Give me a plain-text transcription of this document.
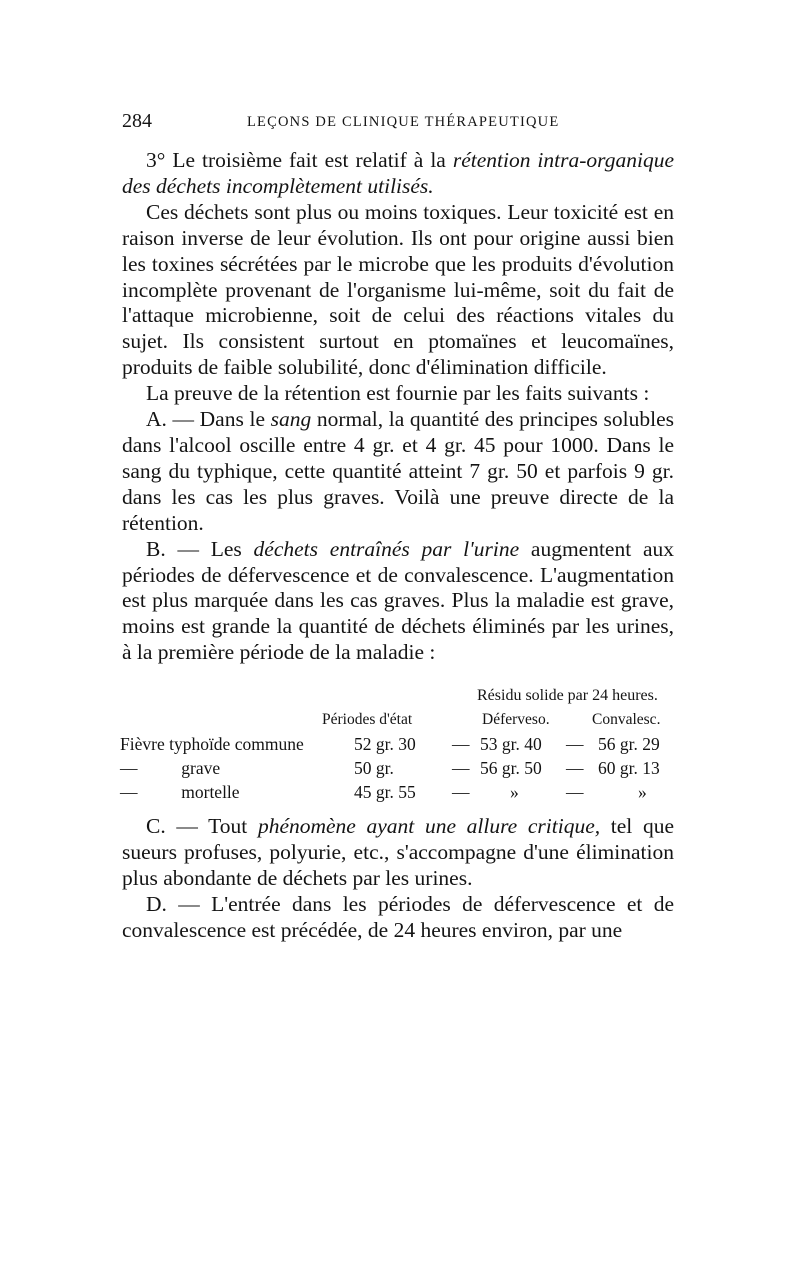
284	LEÇONS DE CLINIQUE THÉRAPEUTIQUE

3° Le troisième fait est relatif à la rétention intra-organique des déchets incomplètement utilisés.

Ces déchets sont plus ou moins toxiques. Leur toxicité est en raison inverse de leur évolution. Ils ont pour origine aussi bien les toxines sécrétées par le microbe que les produits d'évolution incomplète provenant de l'organisme lui-même, soit du fait de l'attaque microbienne, soit de celui des réactions vitales du sujet. Ils consistent surtout en ptomaïnes et leucomaïnes, produits de faible solubilité, donc d'élimination difficile.

La preuve de la rétention est fournie par les faits suivants :

A. — Dans le sang normal, la quantité des principes solubles dans l'alcool oscille entre 4 gr. et 4 gr. 45 pour 1000. Dans le sang du typhique, cette quantité atteint 7 gr. 50 et parfois 9 gr. dans les cas les plus graves. Voilà une preuve directe de la rétention.

B. — Les déchets entraînés par l'urine augmentent aux périodes de défervescence et de convalescence. L'augmentation est plus marquée dans les cas graves. Plus la maladie est grave, moins est grande la quantité de déchets éliminés par les urines, à la première période de la maladie :

Résidu solide par 24 heures.
Périodes d'état	Déferveso.	Convalesc.
Fièvre typhoïde commune	52 gr. 30 — 53 gr. 40 — 56 gr. 29
—          grave	50 gr.	— 56 gr. 50 — 60 gr. 13
—          mortelle	45 gr. 55 —	»	—	»

C. — Tout phénomène ayant une allure critique, tel que sueurs profuses, polyurie, etc., s'accompagne d'une élimination plus abondante de déchets par les urines.

D. — L'entrée dans les périodes de défervescence et de convalescence est précédée, de 24 heures environ, par une
